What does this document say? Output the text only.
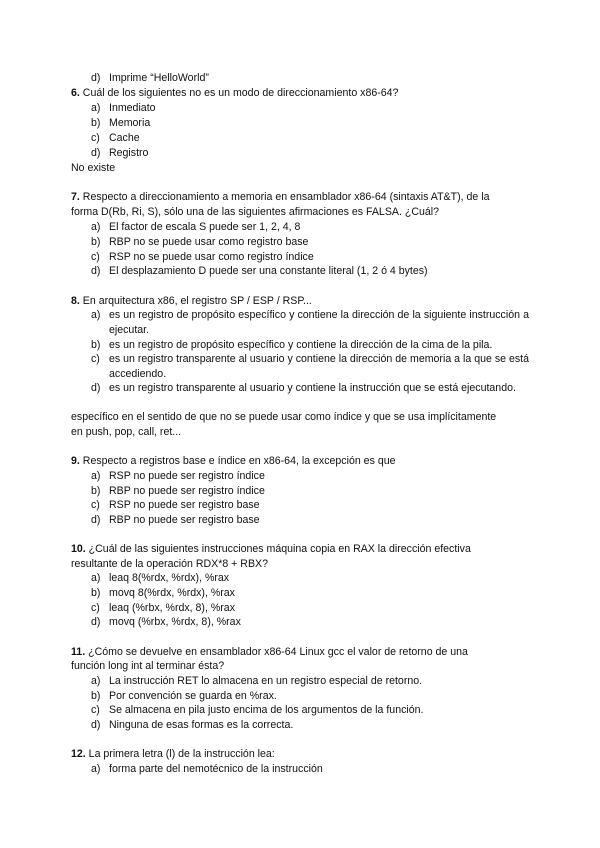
d) Imprime “HelloWorld”
6. Cuál de los siguientes no es un modo de direccionamiento x86-64?
a) Inmediato
b) Memoria
c) Cache
d) Registro
No existe
7. Respecto a direccionamiento a memoria en ensamblador x86-64 (sintaxis AT&T), de la
forma D(Rb, Ri, S), sólo una de las siguientes afirmaciones es FALSA. ¿Cuál?
a) El factor de escala S puede ser 1, 2, 4, 8
b) RBP no se puede usar como registro base
c) RSP no se puede usar como registro índice
d) El desplazamiento D puede ser una constante literal (1, 2 ó 4 bytes)
8. En arquitectura x86, el registro SP / ESP / RSP...
a) es un registro de propósito específico y contiene la dirección de la siguiente instrucción a ejecutar.
b) es un registro de propósito específico y contiene la dirección de la cima de la pila.
c) es un registro transparente al usuario y contiene la dirección de memoria a la que se está accediendo.
d) es un registro transparente al usuario y contiene la instrucción que se está ejecutando.
específico en el sentido de que no se puede usar como índice y que se usa implícitamente
en push, pop, call, ret...
9. Respecto a registros base e índice en x86-64, la excepción es que
a) RSP no puede ser registro índice
b) RBP no puede ser registro índice
c) RSP no puede ser registro base
d) RBP no puede ser registro base
10. ¿Cuál de las siguientes instrucciones máquina copia en RAX la dirección efectiva
resultante de la operación RDX*8 + RBX?
a) leaq 8(%rdx, %rdx), %rax
b) movq 8(%rdx, %rdx), %rax
c) leaq (%rbx, %rdx, 8), %rax
d) movq (%rbx, %rdx, 8), %rax
11. ¿Cómo se devuelve en ensamblador x86-64 Linux gcc el valor de retorno de una
función long int al terminar ésta?
a) La instrucción RET lo almacena en un registro especial de retorno.
b) Por convención se guarda en %rax.
c) Se almacena en pila justo encima de los argumentos de la función.
d) Ninguna de esas formas es la correcta.
12. La primera letra (l) de la instrucción lea:
a) forma parte del nemotécnico de la instrucción
